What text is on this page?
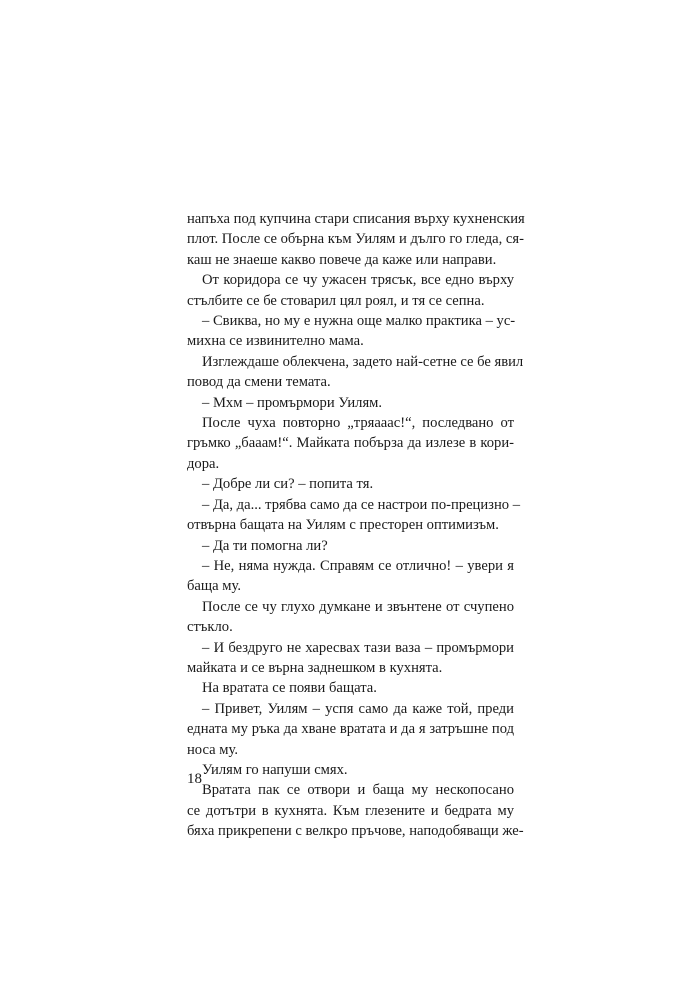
напъха под купчина стари списания върху кухненския
плот. После се обърна към Уилям и дълго го гледа, ся-
каш не знаеше какво повече да каже или направи.
От коридора се чу ужасен трясък, все едно върху
стълбите се бе стоварил цял роял, и тя се сепна.
– Свиква, но му е нужна още малко практика – ус-
михна се извинително мама.
Изглеждаше облекчена, задето най-сетне се бе явил
повод да смени темата.
– Мхм – промърмори Уилям.
После чуха повторно „тряааас!“, последвано от
гръмко „бааам!“. Майката побърза да излезе в кори-
дора.
– Добре ли си? – попита тя.
– Да, да... трябва само да се настрои по-прецизно –
отвърна бащата на Уилям с престорен оптимизъм.
– Да ти помогна ли?
– Не, няма нужда. Справям се отлично! – увери я
баща му.
После се чу глухо думкане и звънтене от счупено
стъкло.
– И бездруго не харесвах тази ваза – промърмори
майката и се върна заднешком в кухнята.
На вратата се появи бащата.
– Привет, Уилям – успя само да каже той, преди
едната му ръка да хване вратата и да я затръшне под
носа му.
Уилям го напуши смях.
Вратата пак се отвори и баща му нескопосано
се дотътри в кухнята. Към глезените и бедрата му
бяха прикрепени с велкро пръчове, наподобяващи же-
18
